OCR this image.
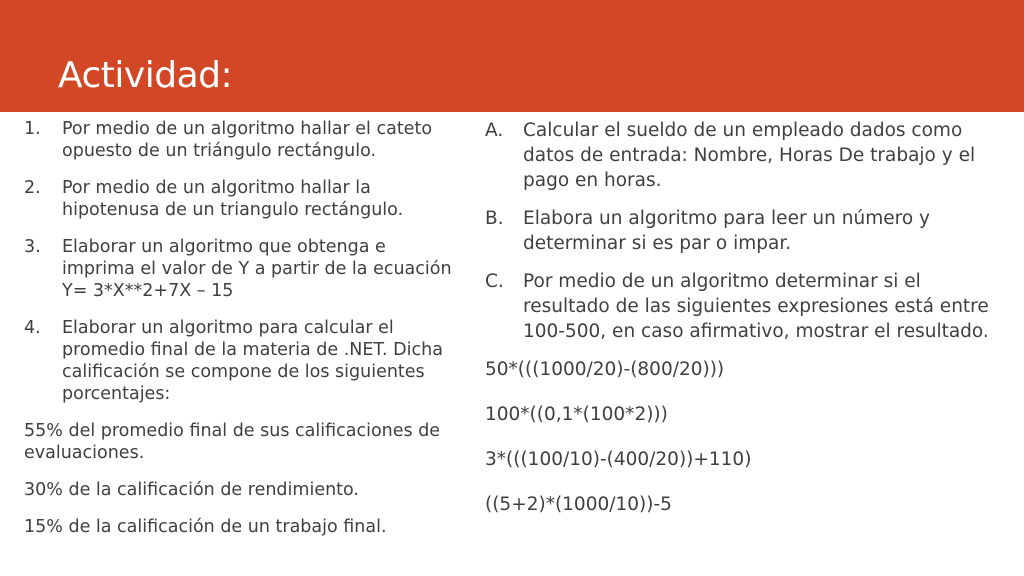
Actividad:
1. Por medio de un algoritmo hallar el cateto opuesto de un triángulo rectángulo.
2. Por medio de un algoritmo hallar la hipotenusa de un triangulo rectángulo.
3. Elaborar un algoritmo que obtenga e imprima el valor de Y a partir de la ecuación Y= 3*X**2+7X – 15
4. Elaborar un algoritmo para calcular el promedio final de la materia de .NET. Dicha calificación se compone de los siguientes porcentajes:

55% del promedio final de sus calificaciones de evaluaciones.

30% de la calificación de rendimiento.

15% de la calificación de un trabajo final.

A. Calcular el sueldo de un empleado dados como datos de entrada: Nombre, Horas De trabajo y el pago en horas.
B. Elabora un algoritmo para leer un número y determinar si es par o impar.
C. Por medio de un algoritmo determinar si el resultado de las siguientes expresiones está entre 100-500, en caso afirmativo, mostrar el resultado.

50*(((1000/20)-(800/20)))

100*((0,1*(100*2)))

3*(((100/10)-(400/20))+110)

((5+2)*(1000/10))-5
